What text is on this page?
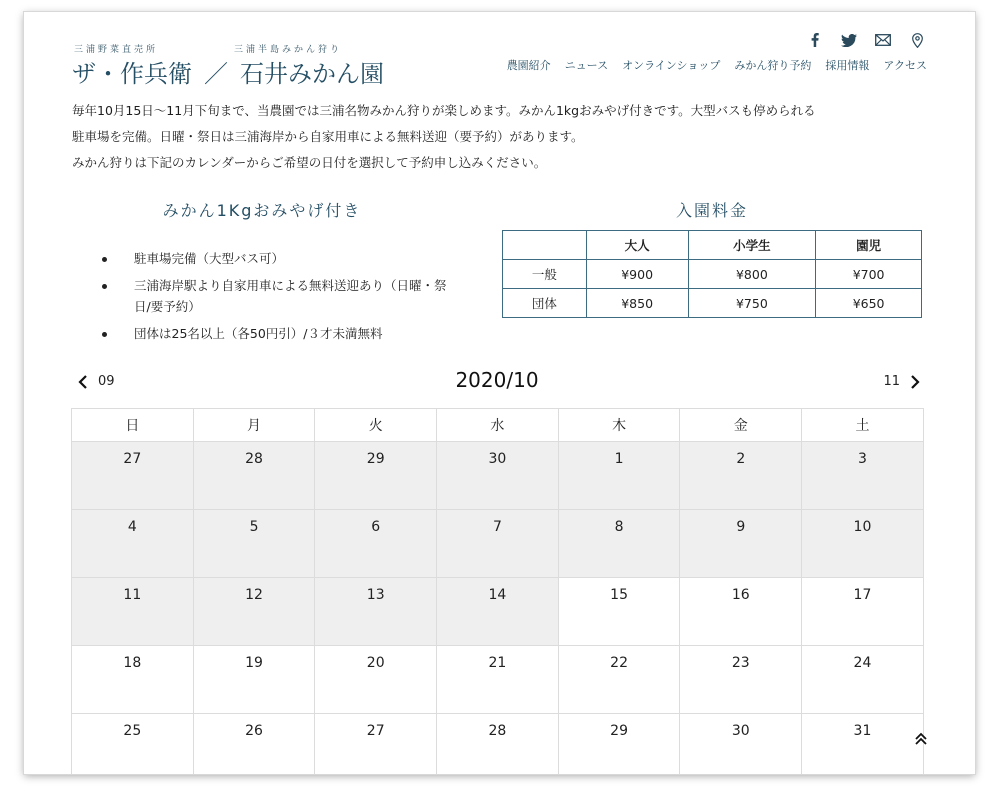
三浦野菜直売所	三浦半島みかん狩り
ザ・作兵衛 ／ 石井みかん園	農園紹介 ニュース オンラインショップ みかん狩り予約 採用情報 アクセス

毎年10月15日〜11月下旬まで、当農園では三浦名物みかん狩りが楽しめます。みかん1kgおみやげ付きです。大型バスも停められる

駐車場を完備。日曜・祭日は三浦海岸から自家用車による無料送迎（要予約）があります。

みかん狩りは下記のカレンダーからご希望の日付を選択して予約申し込みください。

みかん1Kgおみやげ付き
駐車場完備（大型バス可）
三浦海岸駅より自家用車による無料送迎あり（日曜・祭日/要予約）
団体は25名以上（各50円引）/３才未満無料
入園料金
	大人	小学生	園児
一般	¥900	¥800	¥700
団体	¥850	¥750	¥650
09	2020/10	11
日	月	火	水	木	金	土
27	28	29	30	1	2	3
4	5	6	7	8	9	10
11	12	13	14	15	16	17
18	19	20	21	22	23	24
25	26	27	28	29	30	31
